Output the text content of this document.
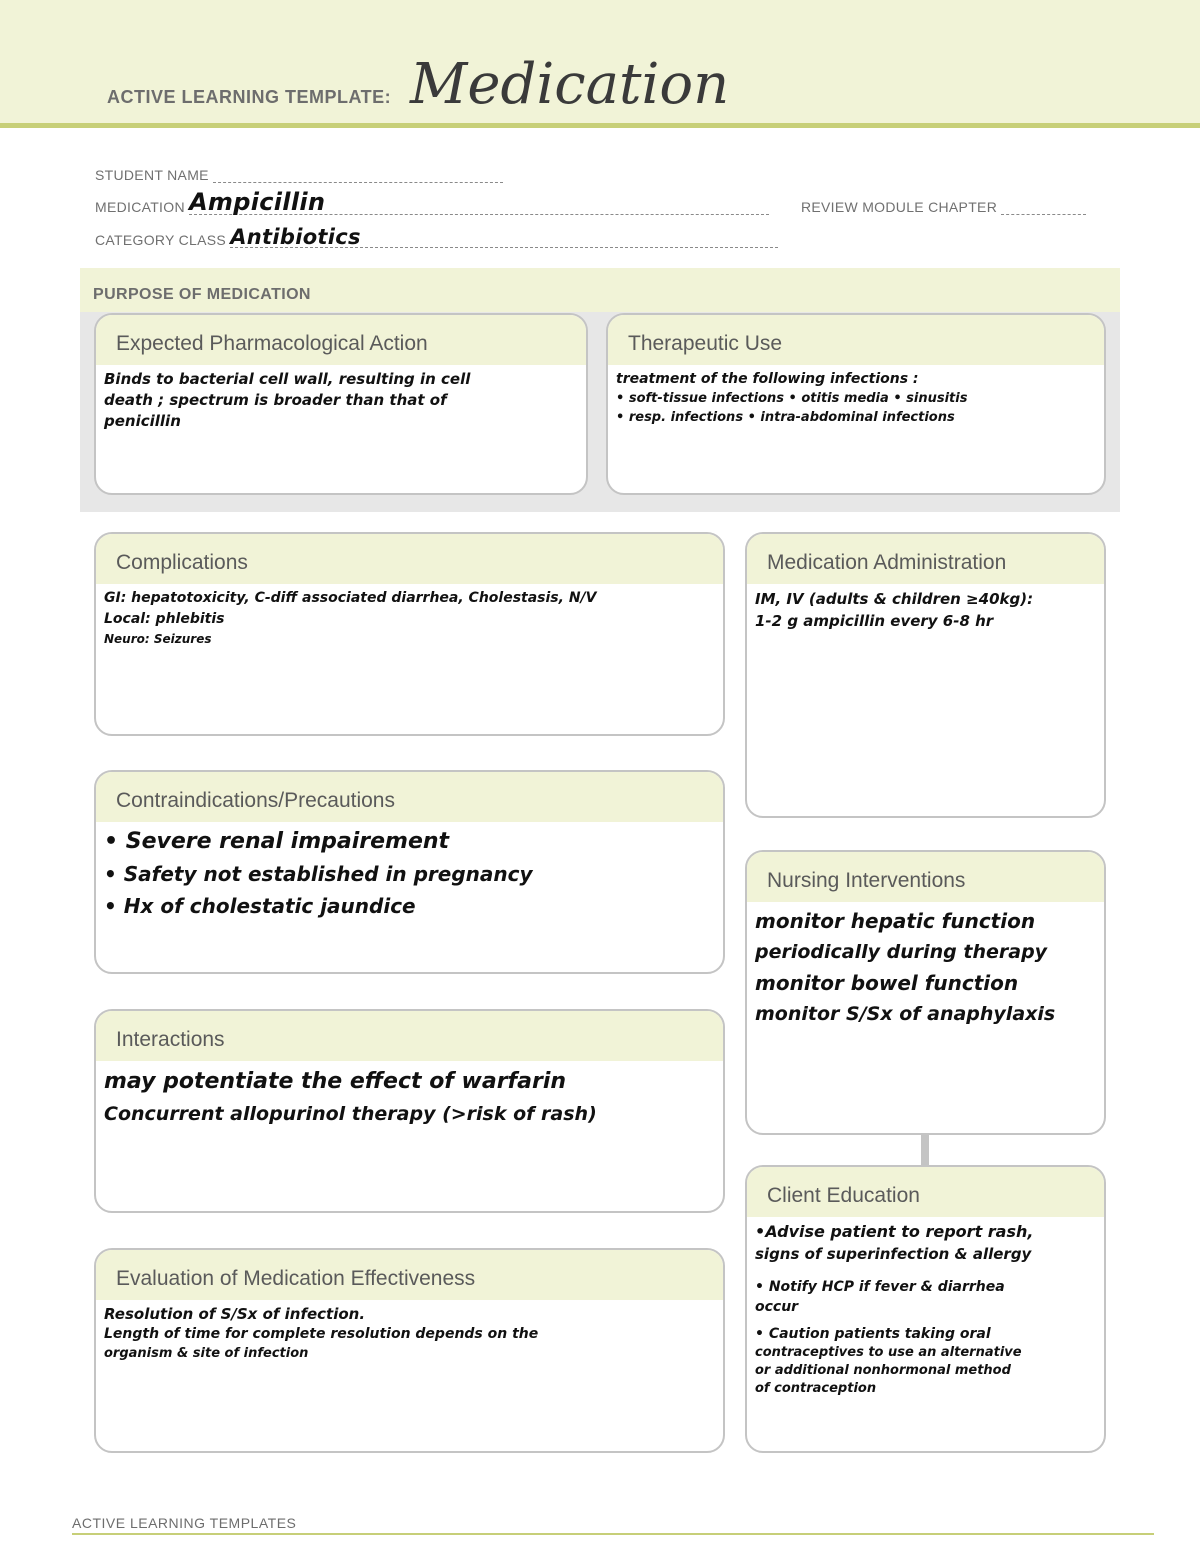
ACTIVE LEARNING TEMPLATE: Medication
STUDENT NAME
MEDICATION Ampicillin	REVIEW MODULE CHAPTER
CATEGORY CLASS Antibiotics
PURPOSE OF MEDICATION
Expected Pharmacological Action

Binds to bacterial cell wall, resulting in cell

death ; spectrum is broader than that of

penicillin

Therapeutic Use

treatment of the following infections :

• soft-tissue infections • otitis media • sinusitis

• resp. infections • intra-abdominal infections

Complications

GI: hepatotoxicity, C-diff associated diarrhea, Cholestasis, N/V

Local: phlebitis

Neuro: Seizures

Medication Administration

IM, IV (adults & children ≥40kg):

1-2 g ampicillin every 6-8 hr

Contraindications/Precautions

• Severe renal impairement

• Safety not established in pregnancy

• Hx of cholestatic jaundice

Nursing Interventions

monitor hepatic function

periodically during therapy

monitor bowel function

monitor S/Sx of anaphylaxis

Interactions

may potentiate the effect of warfarin

Concurrent allopurinol therapy (>risk of rash)

Client Education

•Advise patient to report rash,

signs of superinfection & allergy

• Notify HCP if fever & diarrhea

occur

• Caution patients taking oral

contraceptives to use an alternative

or additional nonhormonal method

of contraception

Evaluation of Medication Effectiveness

Resolution of S/Sx of infection.

Length of time for complete resolution depends on the

organism & site of infection

ACTIVE LEARNING TEMPLATES
